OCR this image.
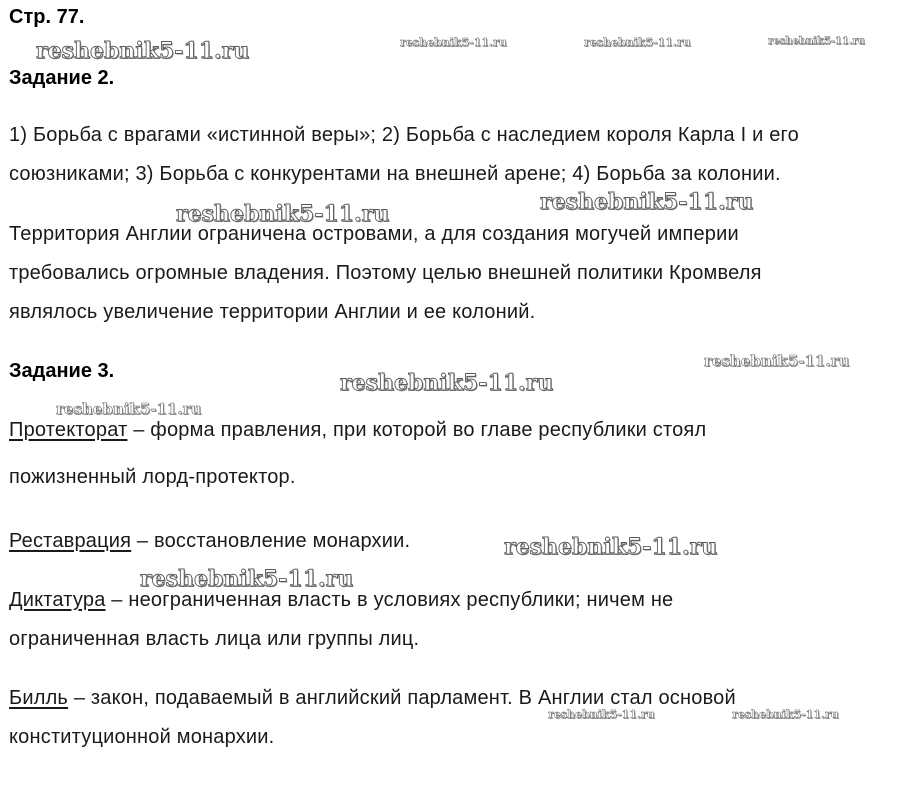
Стр. 77.
Задание 2.
1) Борьба с врагами «истинной веры»; 2) Борьба с наследием короля Карла I и его
союзниками; 3) Борьба с конкурентами на внешней арене; 4) Борьба за колонии.
Территория Англии ограничена островами, а для создания могучей империи
требовались огромные владения. Поэтому целью внешней политики Кромвеля
являлось увеличение территории Англии и ее колоний.
Задание 3.
Протекторат – форма правления, при которой во главе республики стоял
пожизненный лорд-протектор.
Реставрация – восстановление монархии.
Диктатура – неограниченная власть в условиях республики; ничем не
ограниченная власть лица или группы лиц.
Билль – закон, подаваемый в английский парламент. В Англии стал основой
конституционной монархии.
reshebnik5-11.ru	reshebnik5-11.ru	reshebnik5-11.ru	reshebnik5-11.ru
reshebnik5-11.ru	reshebnik5-11.ru
reshebnik5-11.ru
reshebnik5-11.ru
reshebnik5-11.ru
reshebnik5-11.ru
reshebnik5-11.ru
reshebnik5-11.ru	reshebnik5-11.ru
